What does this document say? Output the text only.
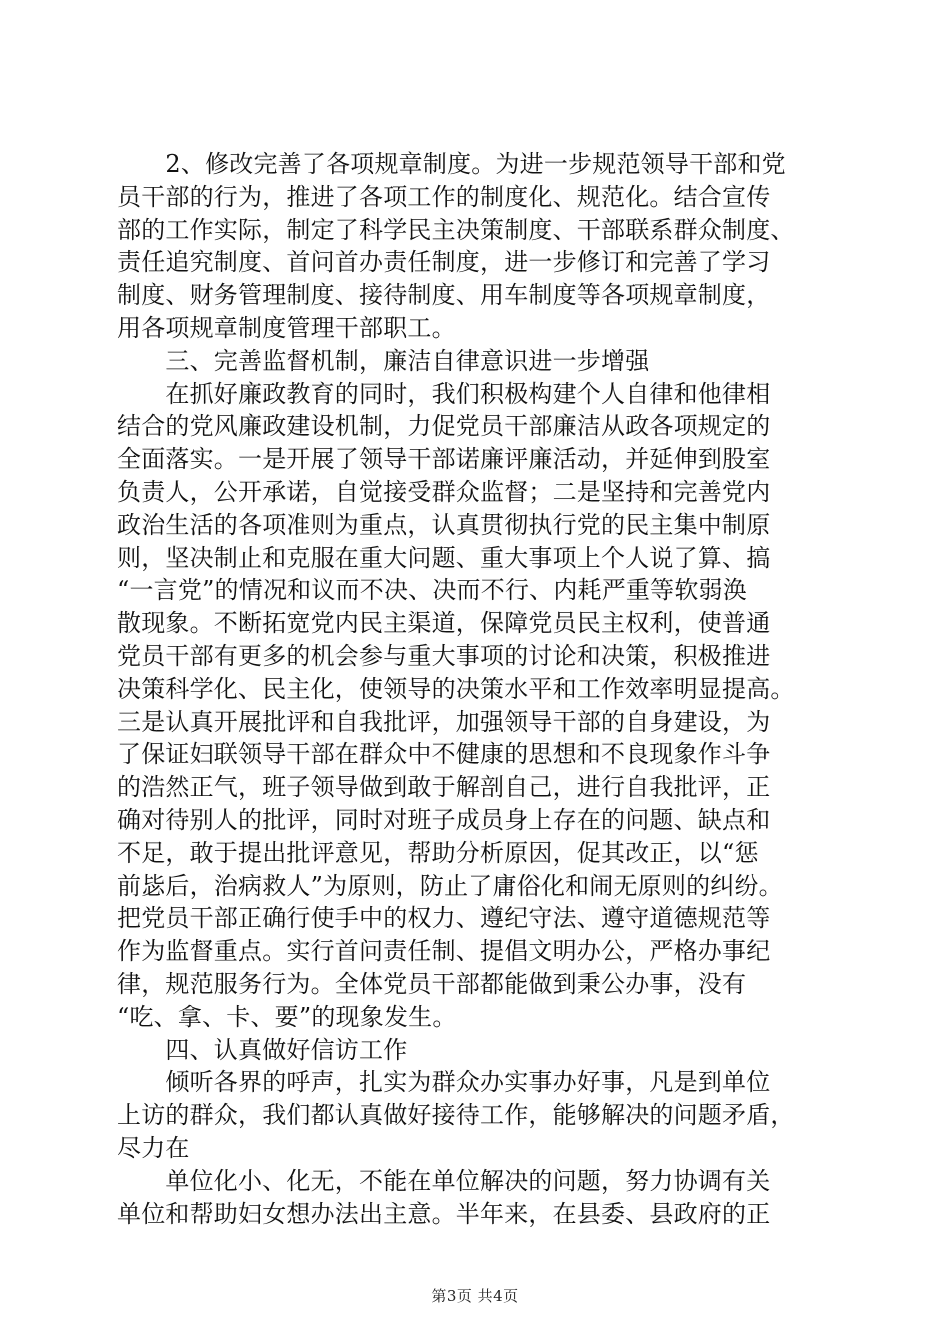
　　2、修改完善了各项规章制度。为进一步规范领导干部和党
员干部的行为，推进了各项工作的制度化、规范化。结合宣传
部的工作实际，制定了科学民主决策制度、干部联系群众制度、
责任追究制度、首问首办责任制度，进一步修订和完善了学习
制度、财务管理制度、接待制度、用车制度等各项规章制度，
用各项规章制度管理干部职工。
　　三、完善监督机制，廉洁自律意识进一步增强
　　在抓好廉政教育的同时，我们积极构建个人自律和他律相
结合的党风廉政建设机制，力促党员干部廉洁从政各项规定的
全面落实。一是开展了领导干部诺廉评廉活动，并延伸到股室
负责人，公开承诺，自觉接受群众监督；二是坚持和完善党内
政治生活的各项准则为重点，认真贯彻执行党的民主集中制原
则，坚决制止和克服在重大问题、重大事项上个人说了算、搞
“一言党”的情况和议而不决、决而不行、内耗严重等软弱涣
散现象。不断拓宽党内民主渠道，保障党员民主权利，使普通
党员干部有更多的机会参与重大事项的讨论和决策，积极推进
决策科学化、民主化，使领导的决策水平和工作效率明显提高。
三是认真开展批评和自我批评，加强领导干部的自身建设，为
了保证妇联领导干部在群众中不健康的思想和不良现象作斗争
的浩然正气，班子领导做到敢于解剖自己，进行自我批评，正
确对待别人的批评，同时对班子成员身上存在的问题、缺点和
不足，敢于提出批评意见，帮助分析原因，促其改正，以“惩
前毖后，治病救人”为原则，防止了庸俗化和闹无原则的纠纷。
把党员干部正确行使手中的权力、遵纪守法、遵守道德规范等
作为监督重点。实行首问责任制、提倡文明办公，严格办事纪
律，规范服务行为。全体党员干部都能做到秉公办事，没有
“吃、拿、卡、要”的现象发生。
　　四、认真做好信访工作
　　倾听各界的呼声，扎实为群众办实事办好事，凡是到单位
上访的群众，我们都认真做好接待工作，能够解决的问题矛盾，
尽力在
　　单位化小、化无，不能在单位解决的问题，努力协调有关
单位和帮助妇女想办法出主意。半年来，在县委、县政府的正
第3页 共4页
